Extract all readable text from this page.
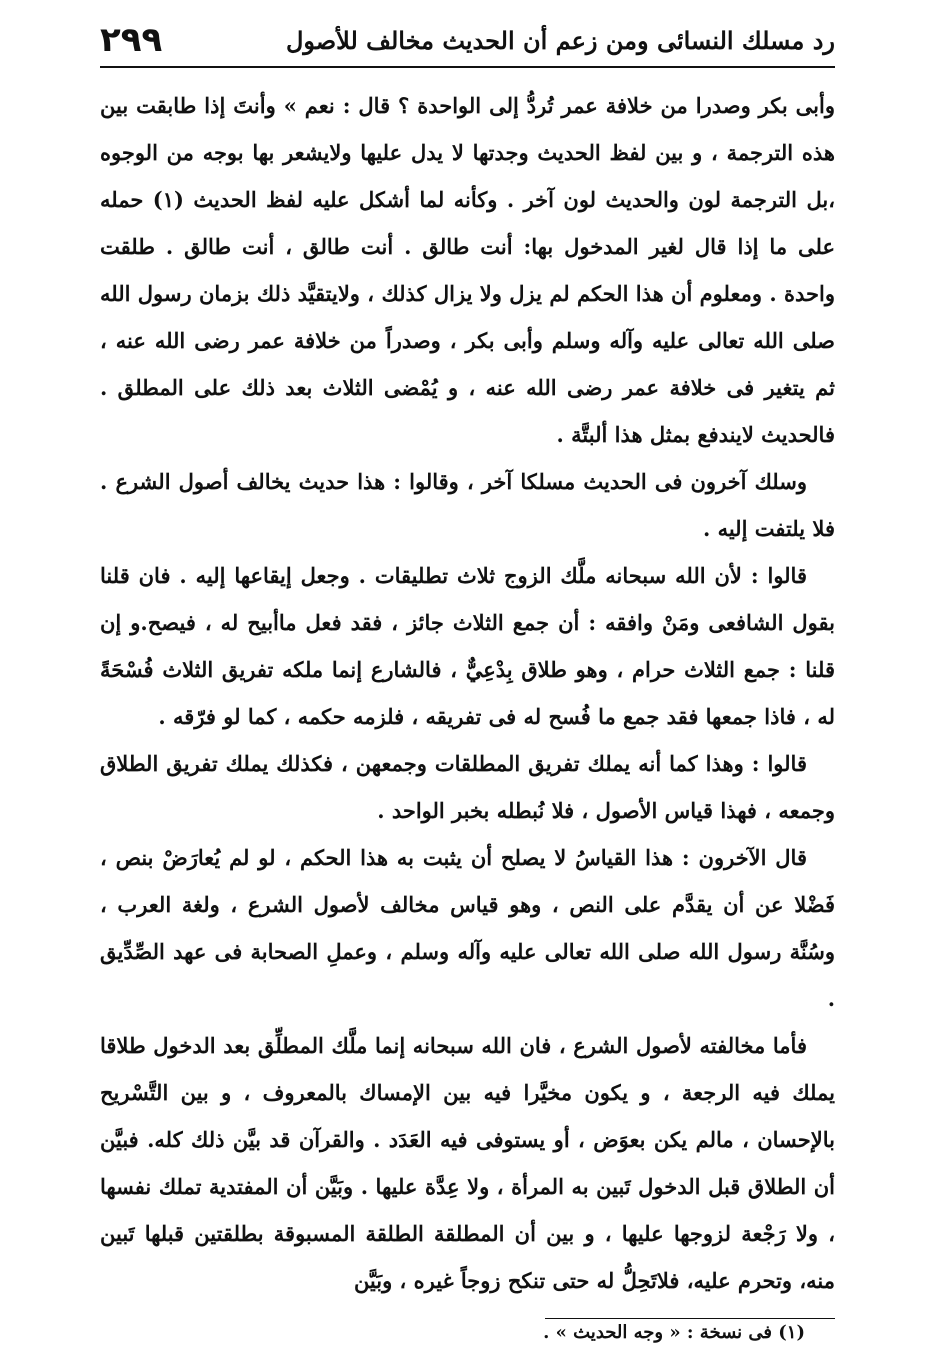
رد مسلك النسائى ومن زعم أن الحديث مخالف للأصول
٢٩٩

وأبى بكر وصدرا من خلافة عمر تُردُّ إلى الواحدة ؟ قال : نعم » وأنتَ إذا طابقت بين هذه الترجمة ، و بين لفظ الحديث وجدتها لا يدل عليها ولايشعر بها بوجه من الوجوه ،بل الترجمة لون والحديث لون آخر . وكأنه لما أشكل عليه لفظ الحديث (١) حمله على ما إذا قال لغير المدخول بها: أنت طالق . أنت طالق ، أنت طالق . طلقت واحدة . ومعلوم أن هذا الحكم لم يزل ولا يزال كذلك ، ولايتقيَّد ذلك بزمان رسول الله صلى الله تعالى عليه وآله وسلم وأبى بكر ، وصدراً من خلافة عمر رضى الله عنه ، ثم يتغير فى خلافة عمر رضى الله عنه ، و يُمْضى الثلاث بعد ذلك على المطلق . فالحديث لايندفع بمثل هذا ألبتَّة .

وسلك آخرون فى الحديث مسلكا آخر ، وقالوا : هذا حديث يخالف أصول الشرع . فلا يلتفت إليه .

قالوا : لأن الله سبحانه ملَّك الزوج ثلاث تطليقات . وجعل إيقاعها إليه . فان قلنا بقول الشافعى ومَنْ وافقه : أن جمع الثلاث جائز ، فقد فعل ماأبيح له ، فيصح.و إن قلنا : جمع الثلاث حرام ، وهو طلاق بِدْعِيٌّ ، فالشارع إنما ملكه تفريق الثلاث فُسْحَةً له ، فاذا جمعها فقد جمع ما فُسح له فى تفريقه ، فلزمه حكمه ، كما لو فرّقه .

قالوا : وهذا كما أنه يملك تفريق المطلقات وجمعهن ، فكذلك يملك تفريق الطلاق وجمعه ، فهذا قياس الأصول ، فلا نُبطله بخبر الواحد .

قال الآخرون : هذا القياسُ لا يصلح أن يثبت به هذا الحكم ، لو لم يُعارَضْ بنص ، فَضْلا عن أن يقدَّم على النص ، وهو قياس مخالف لأصول الشرع ، ولغة العرب ، وسُنَّة رسول الله صلى الله تعالى عليه وآله وسلم ، وعملِ الصحابة فى عهد الصِّدِّيق .

فأما مخالفته لأصول الشرع ، فان الله سبحانه إنما ملَّك المطلِّق بعد الدخول طلاقا يملك فيه الرجعة ، و يكون مخيَّرا فيه بين الإمساك بالمعروف ، و بين التَّسْريح بالإحسان ، مالم يكن بعوَض ، أو يستوفى فيه العَدَد . والقرآن قد بيَّن ذلك كله. فبيَّن أن الطلاق قبل الدخول تَبين به المرأة ، ولا عِدَّة عليها . وبَيَّن أن المفتدية تملك نفسها ، ولا رَجْعة لزوجها عليها ، و بين أن المطلقة الطلقة المسبوقة بطلقتين قبلها تَبين منه، وتحرم عليه، فلاتَحِلُّ له حتى تنكح زوجاً غيره ، وبَيَّن

(١) فى نسخة : « وجه الحديث » .
